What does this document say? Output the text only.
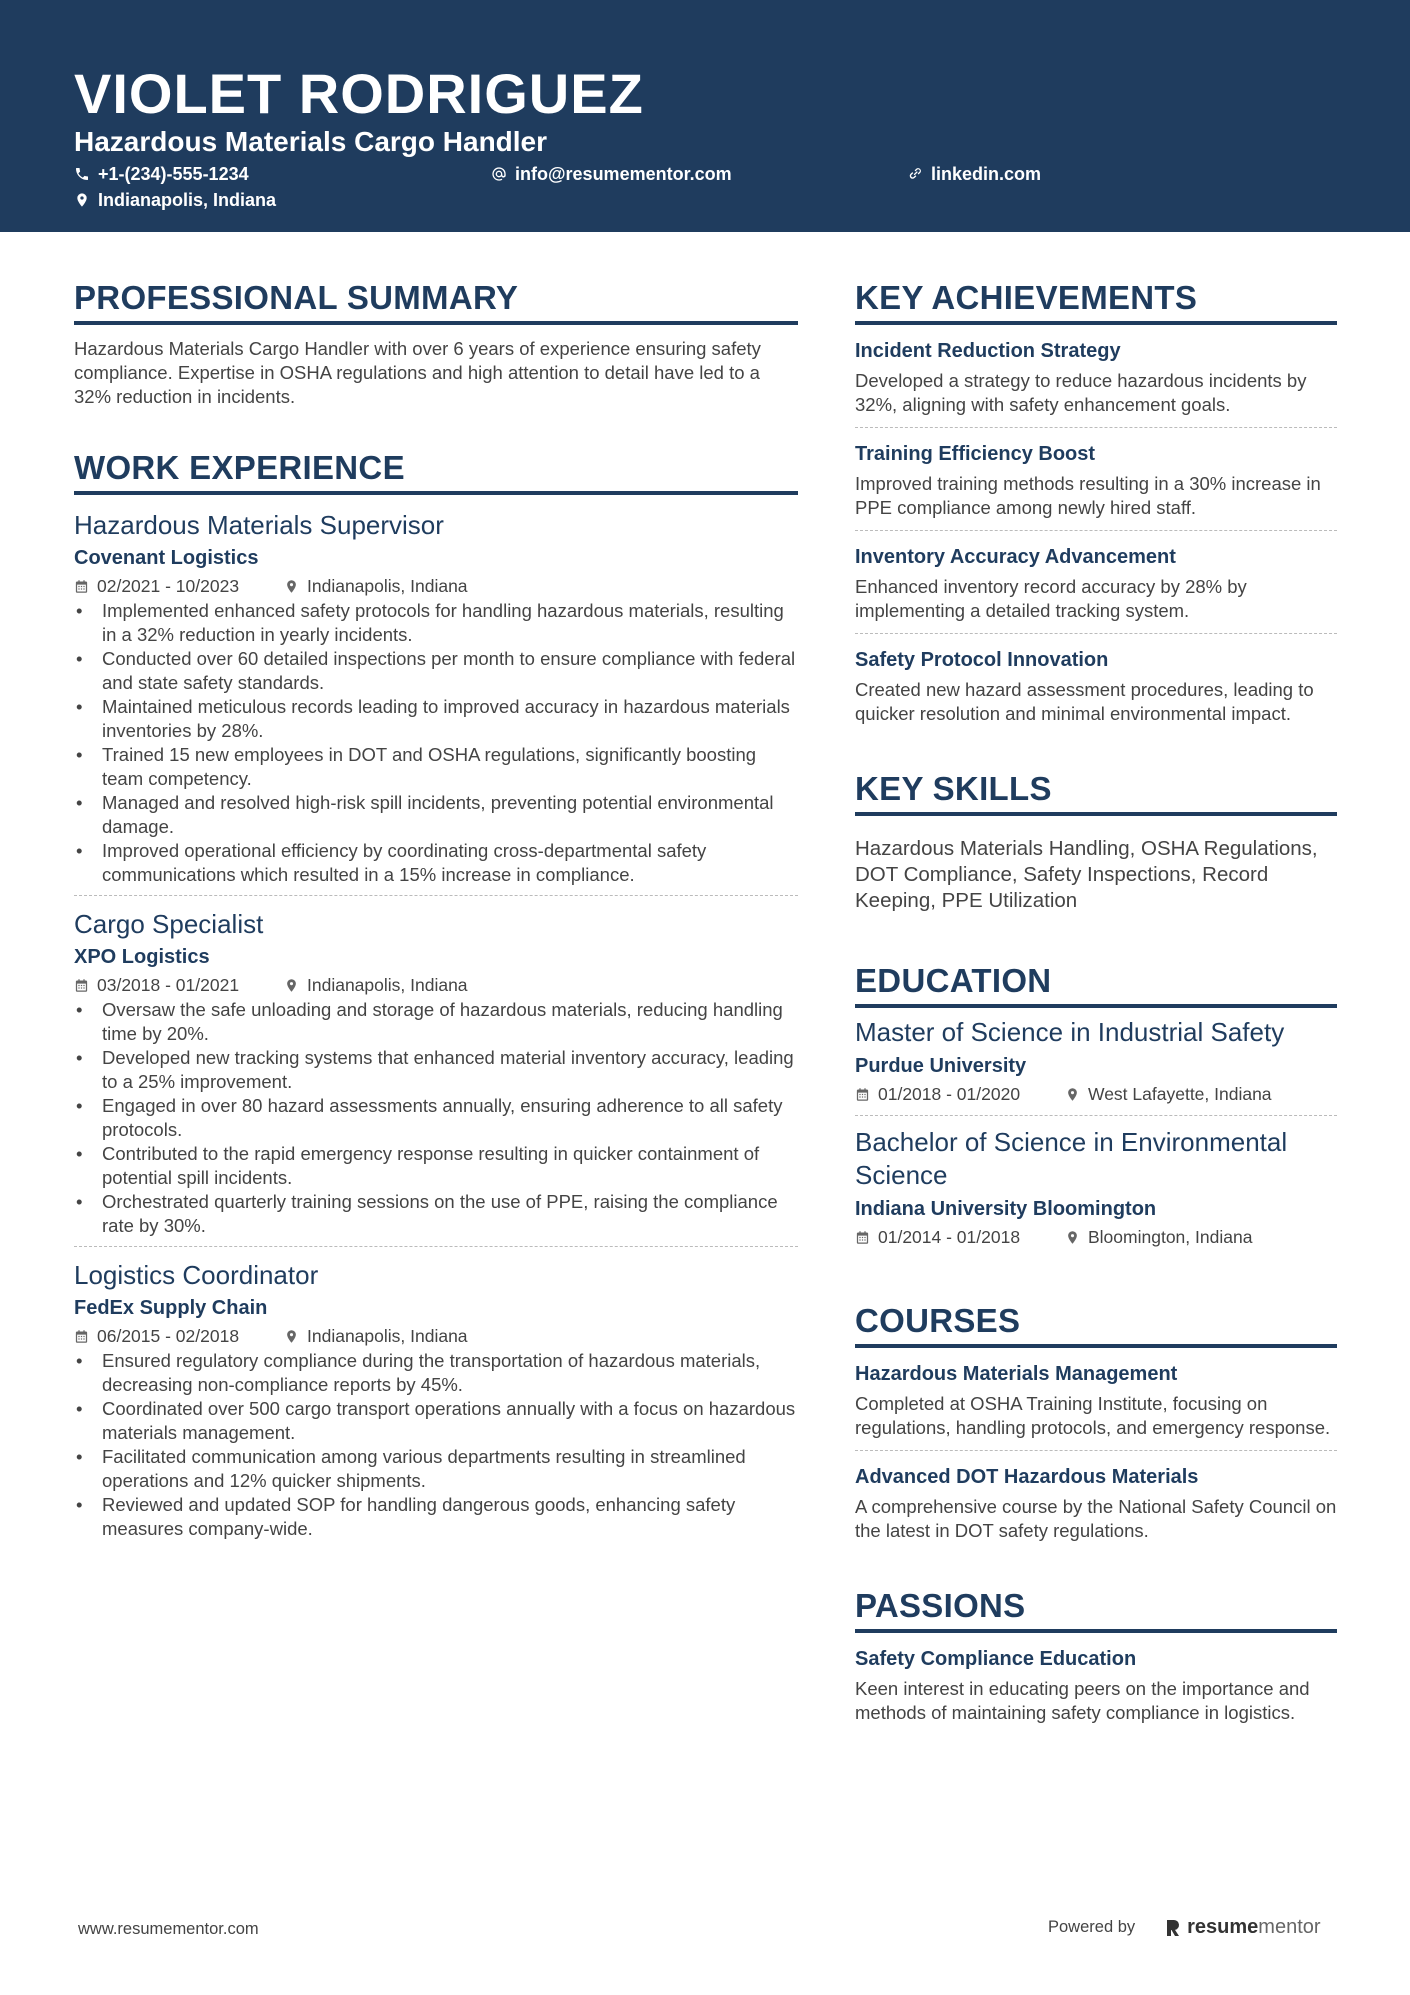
VIOLET RODRIGUEZ
Hazardous Materials Cargo Handler
+1-(234)-555-1234	info@resumementor.com	linkedin.com
Indianapolis, Indiana
PROFESSIONAL SUMMARY
Hazardous Materials Cargo Handler with over 6 years of experience ensuring safety compliance. Expertise in OSHA regulations and high attention to detail have led to a 32% reduction in incidents.
WORK EXPERIENCE
Hazardous Materials Supervisor
Covenant Logistics
02/2021 - 10/2023	Indianapolis, Indiana
• Implemented enhanced safety protocols for handling hazardous materials, resulting in a 32% reduction in yearly incidents.
• Conducted over 60 detailed inspections per month to ensure compliance with federal and state safety standards.
• Maintained meticulous records leading to improved accuracy in hazardous materials inventories by 28%.
• Trained 15 new employees in DOT and OSHA regulations, significantly boosting team competency.
• Managed and resolved high-risk spill incidents, preventing potential environmental damage.
• Improved operational efficiency by coordinating cross-departmental safety communications which resulted in a 15% increase in compliance.
Cargo Specialist
XPO Logistics
03/2018 - 01/2021	Indianapolis, Indiana
• Oversaw the safe unloading and storage of hazardous materials, reducing handling time by 20%.
• Developed new tracking systems that enhanced material inventory accuracy, leading to a 25% improvement.
• Engaged in over 80 hazard assessments annually, ensuring adherence to all safety protocols.
• Contributed to the rapid emergency response resulting in quicker containment of potential spill incidents.
• Orchestrated quarterly training sessions on the use of PPE, raising the compliance rate by 30%.
Logistics Coordinator
FedEx Supply Chain
06/2015 - 02/2018	Indianapolis, Indiana
• Ensured regulatory compliance during the transportation of hazardous materials, decreasing non-compliance reports by 45%.
• Coordinated over 500 cargo transport operations annually with a focus on hazardous materials management.
• Facilitated communication among various departments resulting in streamlined operations and 12% quicker shipments.
• Reviewed and updated SOP for handling dangerous goods, enhancing safety measures company-wide.
KEY ACHIEVEMENTS
Incident Reduction Strategy
Developed a strategy to reduce hazardous incidents by 32%, aligning with safety enhancement goals.
Training Efficiency Boost
Improved training methods resulting in a 30% increase in PPE compliance among newly hired staff.
Inventory Accuracy Advancement
Enhanced inventory record accuracy by 28% by implementing a detailed tracking system.
Safety Protocol Innovation
Created new hazard assessment procedures, leading to quicker resolution and minimal environmental impact.
KEY SKILLS
Hazardous Materials Handling, OSHA Regulations, DOT Compliance, Safety Inspections, Record Keeping, PPE Utilization
EDUCATION
Master of Science in Industrial Safety
Purdue University
01/2018 - 01/2020	West Lafayette, Indiana
Bachelor of Science in Environmental Science
Indiana University Bloomington
01/2014 - 01/2018	Bloomington, Indiana
COURSES
Hazardous Materials Management
Completed at OSHA Training Institute, focusing on regulations, handling protocols, and emergency response.
Advanced DOT Hazardous Materials
A comprehensive course by the National Safety Council on the latest in DOT safety regulations.
PASSIONS
Safety Compliance Education
Keen interest in educating peers on the importance and methods of maintaining safety compliance in logistics.
www.resumementor.com	Powered by	resumementor
